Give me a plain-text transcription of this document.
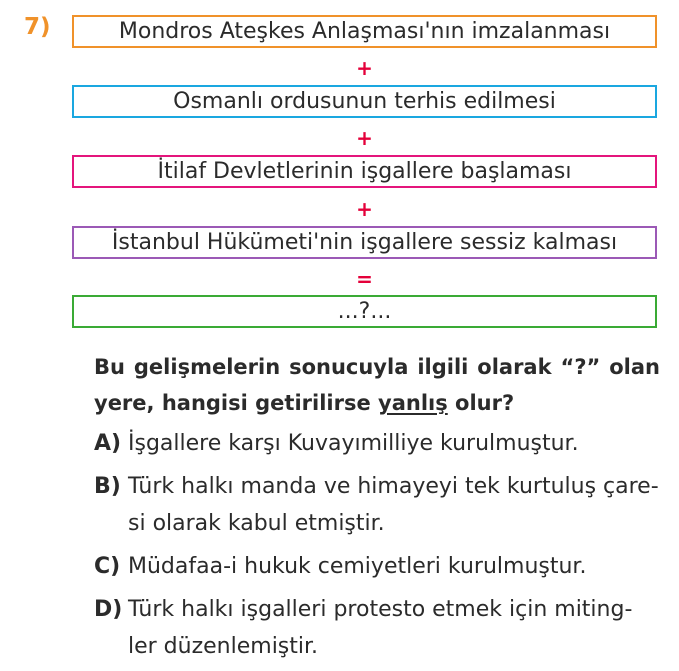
7)	Mondros Ateşkes Anlaşması'nın imzalanması
+
Osmanlı ordusunun terhis edilmesi
+
İtilaf Devletlerinin işgallere başlaması
+
İstanbul Hükümeti'nin işgallere sessiz kalması
=
...?...
Bu gelişmelerin sonucuyla ilgili olarak “?” olan yere, hangisi getirilirse yanlış olur?
A) İşgallere karşı Kuvayımilliye kurulmuştur.
B) Türk halkı manda ve himayeyi tek kurtuluş çare-si olarak kabul etmiştir.
C) Müdafaa-i hukuk cemiyetleri kurulmuştur.
D) Türk halkı işgalleri protesto etmek için miting-ler düzenlemiştir.
